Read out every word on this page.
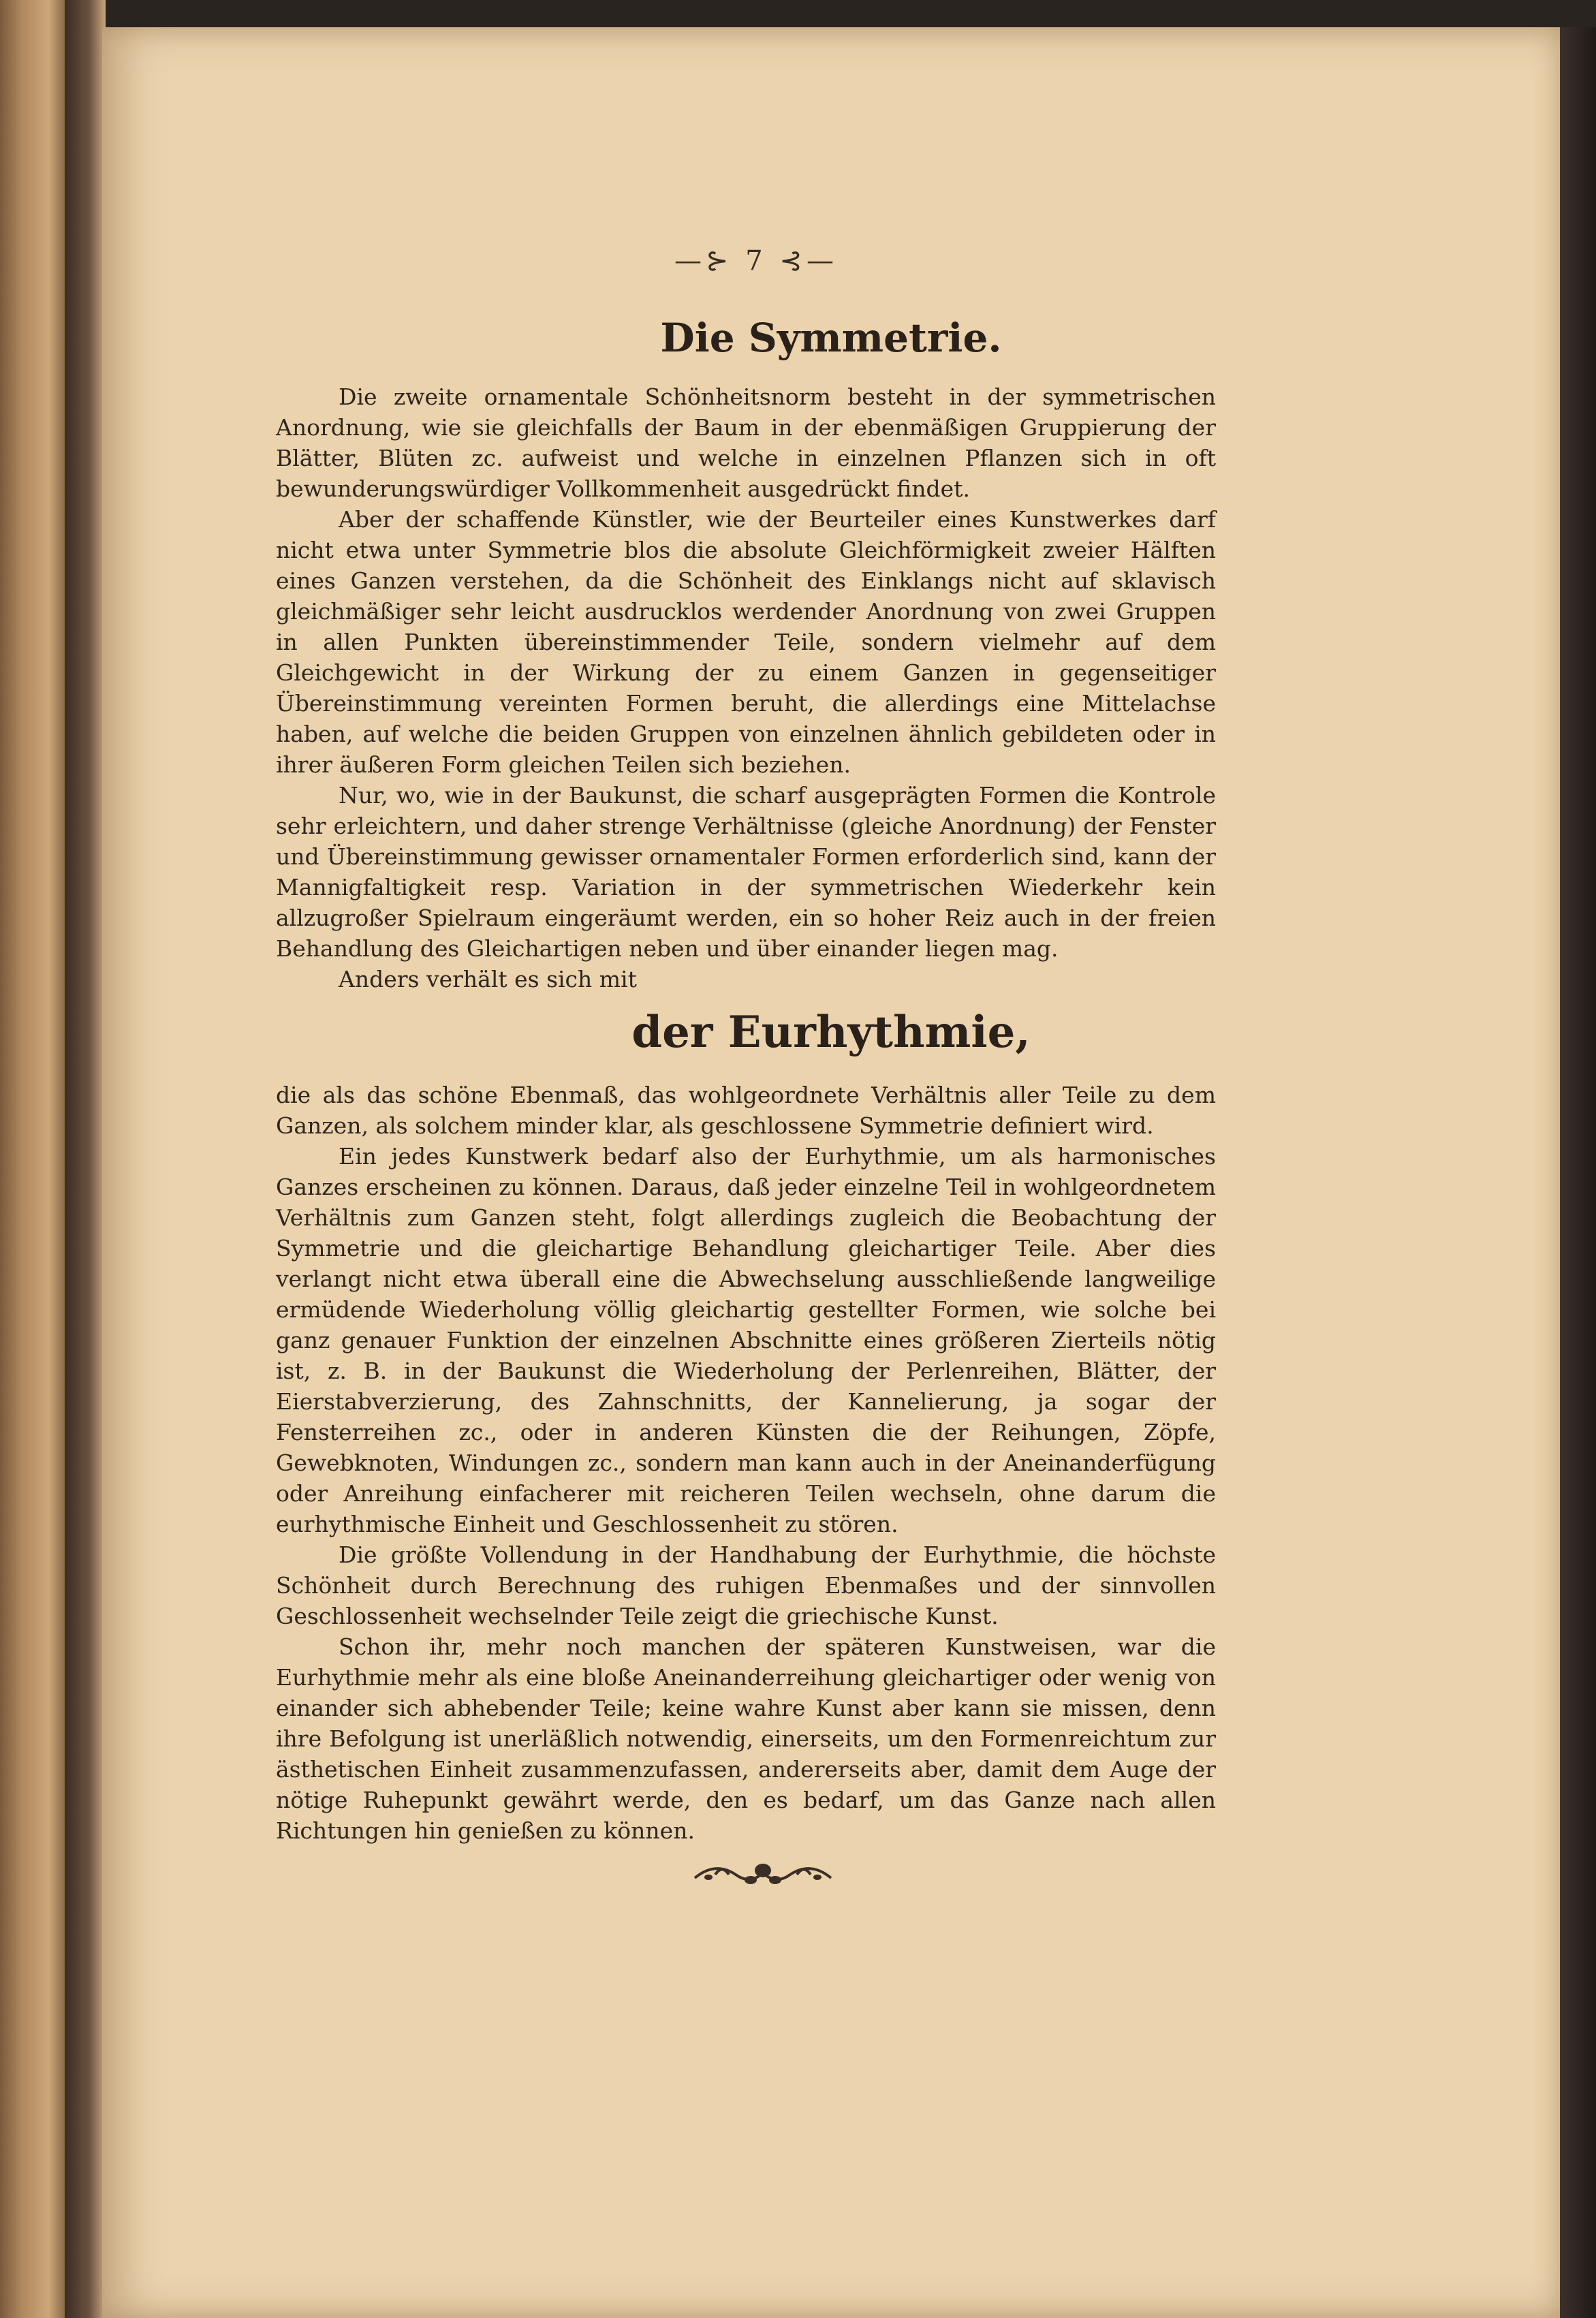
—⊱ 7 ⊰—
Die Symmetrie.

Die zweite ornamentale Schönheitsnorm besteht in der symmetrischen Anordnung, wie sie gleichfalls der Baum in der ebenmäßigen Gruppierung der Blätter, Blüten zc. aufweist und welche in einzelnen Pflanzen sich in oft bewunderungswürdiger Vollkommenheit ausgedrückt findet.

Aber der schaffende Künstler, wie der Beurteiler eines Kunstwerkes darf nicht etwa unter Symmetrie blos die absolute Gleichförmigkeit zweier Hälften eines Ganzen verstehen, da die Schönheit des Einklangs nicht auf sklavisch gleichmäßiger sehr leicht ausdrucklos werdender Anordnung von zwei Gruppen in allen Punkten übereinstimmender Teile, sondern vielmehr auf dem Gleichgewicht in der Wirkung der zu einem Ganzen in gegenseitiger Übereinstimmung vereinten Formen beruht, die allerdings eine Mittelachse haben, auf welche die beiden Gruppen von einzelnen ähnlich gebildeten oder in ihrer äußeren Form gleichen Teilen sich beziehen.

Nur, wo, wie in der Baukunst, die scharf ausgeprägten Formen die Kontrole sehr erleichtern, und daher strenge Verhältnisse (gleiche Anordnung) der Fenster und Übereinstimmung gewisser ornamentaler Formen erforderlich sind, kann der Mannigfaltigkeit resp. Variation in der symmetrischen Wiederkehr kein allzugroßer Spielraum eingeräumt werden, ein so hoher Reiz auch in der freien Behandlung des Gleichartigen neben und über einander liegen mag.

Anders verhält es sich mit

der Eurhythmie,

die als das schöne Ebenmaß, das wohlgeordnete Verhältnis aller Teile zu dem Ganzen, als solchem minder klar, als geschlossene Symmetrie definiert wird.

Ein jedes Kunstwerk bedarf also der Eurhythmie, um als harmonisches Ganzes erscheinen zu können. Daraus, daß jeder einzelne Teil in wohlgeordnetem Verhältnis zum Ganzen steht, folgt allerdings zugleich die Beobachtung der Symmetrie und die gleichartige Behandlung gleichartiger Teile. Aber dies verlangt nicht etwa überall eine die Abwechselung ausschließende langweilige ermüdende Wiederholung völlig gleichartig gestellter Formen, wie solche bei ganz genauer Funktion der einzelnen Abschnitte eines größeren Zierteils nötig ist, z. B. in der Baukunst die Wiederholung der Perlenreihen, Blätter, der Eierstabverzierung, des Zahnschnitts, der Kannelierung, ja sogar der Fensterreihen zc., oder in anderen Künsten die der Reihungen, Zöpfe, Gewebknoten, Windungen zc., sondern man kann auch in der Aneinanderfügung oder Anreihung einfacherer mit reicheren Teilen wechseln, ohne darum die eurhythmische Einheit und Geschlossenheit zu stören.

Die größte Vollendung in der Handhabung der Eurhythmie, die höchste Schönheit durch Berechnung des ruhigen Ebenmaßes und der sinnvollen Geschlossenheit wechselnder Teile zeigt die griechische Kunst.

Schon ihr, mehr noch manchen der späteren Kunstweisen, war die Eurhythmie mehr als eine bloße Aneinanderreihung gleichartiger oder wenig von einander sich abhebender Teile; keine wahre Kunst aber kann sie missen, denn ihre Befolgung ist unerläßlich notwendig, einerseits, um den Formenreichtum zur ästhetischen Einheit zusammenzufassen, andererseits aber, damit dem Auge der nötige Ruhepunkt gewährt werde, den es bedarf, um das Ganze nach allen Richtungen hin genießen zu können.
